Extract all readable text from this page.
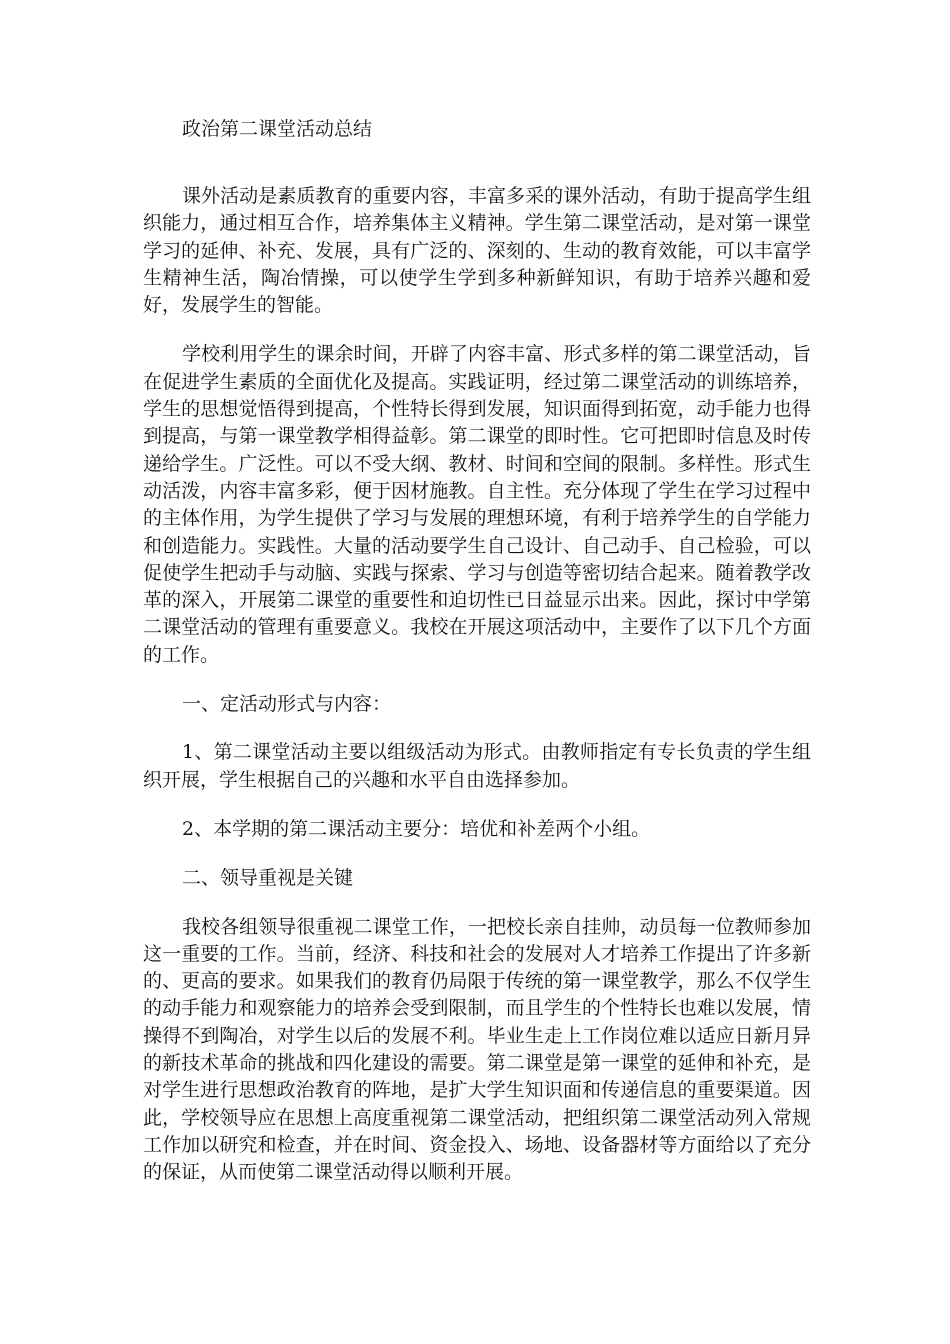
政治第二课堂活动总结

课外活动是素质教育的重要内容，丰富多采的课外活动，有助于提高学生组织能力，通过相互合作，培养集体主义精神。学生第二课堂活动，是对第一课堂学习的延伸、补充、发展，具有广泛的、深刻的、生动的教育效能，可以丰富学生精神生活，陶冶情操，可以使学生学到多种新鲜知识，有助于培养兴趣和爱好，发展学生的智能。

学校利用学生的课余时间，开辟了内容丰富、形式多样的第二课堂活动，旨在促进学生素质的全面优化及提高。实践证明，经过第二课堂活动的训练培养，学生的思想觉悟得到提高，个性特长得到发展，知识面得到拓宽，动手能力也得到提高，与第一课堂教学相得益彰。第二课堂的即时性。它可把即时信息及时传递给学生。广泛性。可以不受大纲、教材、时间和空间的限制。多样性。形式生动活泼，内容丰富多彩，便于因材施教。自主性。充分体现了学生在学习过程中的主体作用，为学生提供了学习与发展的理想环境，有利于培养学生的自学能力和创造能力。实践性。大量的活动要学生自己设计、自己动手、自己检验，可以促使学生把动手与动脑、实践与探索、学习与创造等密切结合起来。随着教学改革的深入，开展第二课堂的重要性和迫切性已日益显示出来。因此，探讨中学第二课堂活动的管理有重要意义。我校在开展这项活动中，主要作了以下几个方面的工作。

一、定活动形式与内容：

1、第二课堂活动主要以组级活动为形式。由教师指定有专长负责的学生组织开展，学生根据自己的兴趣和水平自由选择参加。

2、本学期的第二课活动主要分：培优和补差两个小组。

二、领导重视是关键

我校各组领导很重视二课堂工作，一把校长亲自挂帅，动员每一位教师参加这一重要的工作。当前，经济、科技和社会的发展对人才培养工作提出了许多新的、更高的要求。如果我们的教育仍局限于传统的第一课堂教学，那么不仅学生的动手能力和观察能力的培养会受到限制，而且学生的个性特长也难以发展，情操得不到陶冶，对学生以后的发展不利。毕业生走上工作岗位难以适应日新月异的新技术革命的挑战和四化建设的需要。第二课堂是第一课堂的延伸和补充，是对学生进行思想政治教育的阵地，是扩大学生知识面和传递信息的重要渠道。因此，学校领导应在思想上高度重视第二课堂活动，把组织第二课堂活动列入常规工作加以研究和检查，并在时间、资金投入、场地、设备器材等方面给以了充分的保证，从而使第二课堂活动得以顺利开展。
